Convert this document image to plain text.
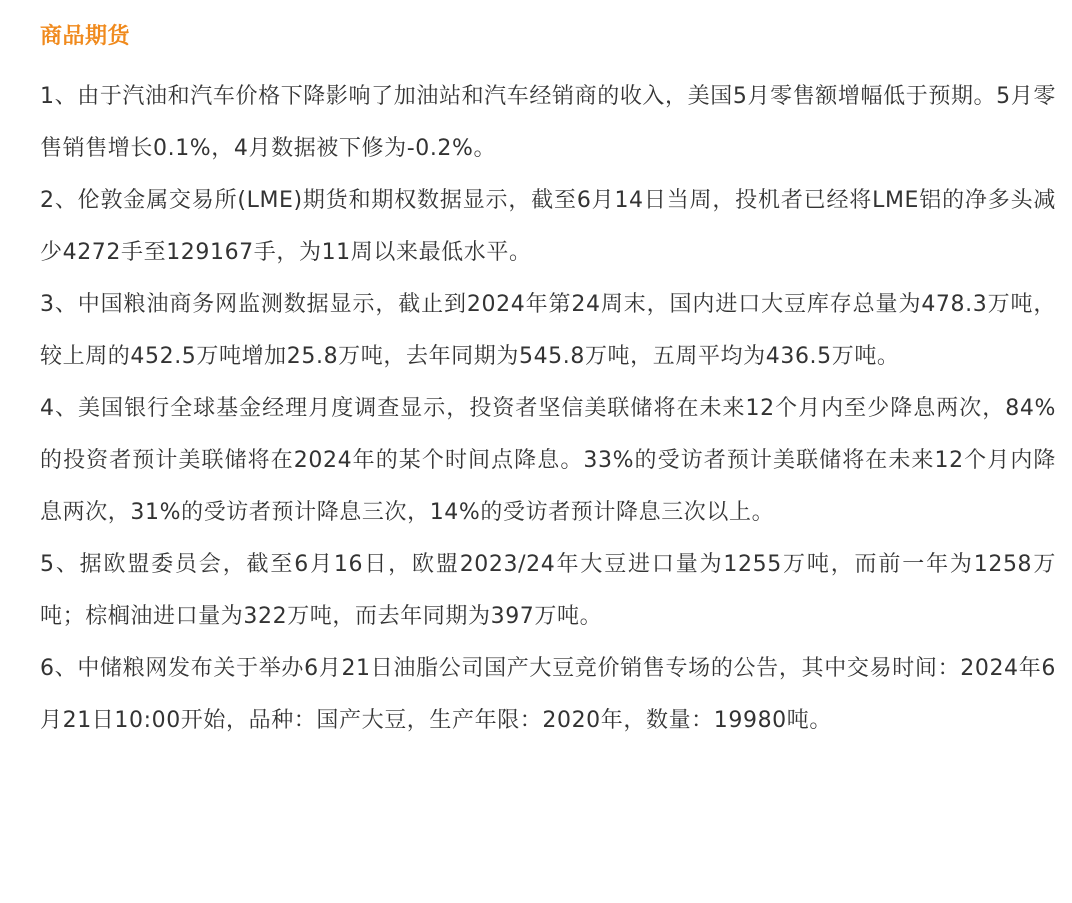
商品期货

1、由于汽油和汽车价格下降影响了加油站和汽车经销商的收入，美国5月零售额增幅低于预期。5月零售销售增长0.1%，4月数据被下修为-0.2%。

2、伦敦金属交易所(LME)期货和期权数据显示，截至6月14日当周，投机者已经将LME铝的净多头减少4272手至129167手，为11周以来最低水平。

3、中国粮油商务网监测数据显示，截止到2024年第24周末，国内进口大豆库存总量为478.3万吨，较上周的452.5万吨增加25.8万吨，去年同期为545.8万吨，五周平均为436.5万吨。

4、美国银行全球基金经理月度调查显示，投资者坚信美联储将在未来12个月内至少降息两次，84%的投资者预计美联储将在2024年的某个时间点降息。33%的受访者预计美联储将在未来12个月内降息两次，31%的受访者预计降息三次，14%的受访者预计降息三次以上。

5、据欧盟委员会，截至6月16日，欧盟2023/24年大豆进口量为1255万吨，而前一年为1258万吨；棕榈油进口量为322万吨，而去年同期为397万吨。

6、中储粮网发布关于举办6月21日油脂公司国产大豆竞价销售专场的公告，其中交易时间：2024年6月21日10:00开始，品种：国产大豆，生产年限：2020年，数量：19980吨。
